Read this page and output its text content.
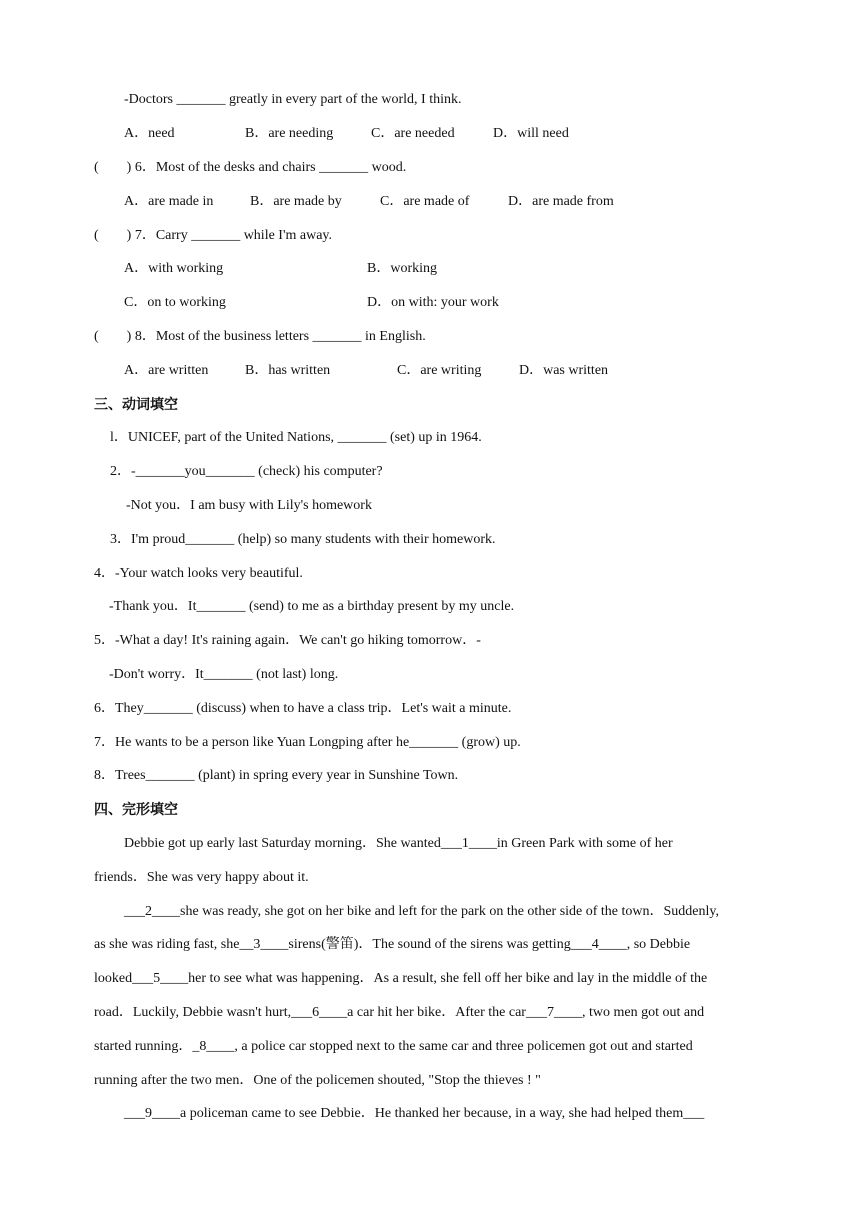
-Doctors _______ greatly in every part of the world, I think.
A．need	B．are needing	C．are needed	D．will need
(        ) 6．Most of the desks and chairs _______ wood.
A．are made in	B．are made by	C．are made of	D．are made from
(        ) 7．Carry _______ while I'm away.
A．with working	B．working
C．on to working	D．on with: your work
(        ) 8．Most of the business letters _______ in English.
A．are written	B．has written	C．are writing	D．was written
三、动词填空
l．UNICEF, part of the United Nations, _______ (set) up in 1964.
2．-_______you_______ (check) his computer?
-Not you．I am busy with Lily's homework
3．I'm proud_______ (help) so many students with their homework.
4．-Your watch looks very beautiful.
-Thank you．It_______ (send) to me as a birthday present by my uncle.
5．-What a day! It's raining again．We can't go hiking tomorrow．-
-Don't worry．It_______ (not last) long.
6．They_______ (discuss) when to have a class trip．Let's wait a minute.
7．He wants to be a person like Yuan Longping after he_______ (grow) up.
8．Trees_______ (plant) in spring every year in Sunshine Town.
四、完形填空
Debbie got up early last Saturday morning．She wanted___1____in Green Park with some of her
friends．She was very happy about it.
___2____she was ready, she got on her bike and left for the park on the other side of the town．Suddenly,
as she was riding fast, she__3____sirens(警笛)．The sound of the sirens was getting___4____, so Debbie
looked___5____her to see what was happening．As a result, she fell off her bike and lay in the middle of the
road．Luckily, Debbie wasn't hurt,___6____a car hit her bike．After the car___7____, two men got out and
started running．_8____, a police car stopped next to the same car and three policemen got out and started
running after the two men．One of the policemen shouted, "Stop the thieves ! "
___9____a policeman came to see Debbie．He thanked her because, in a way, she had helped them___
